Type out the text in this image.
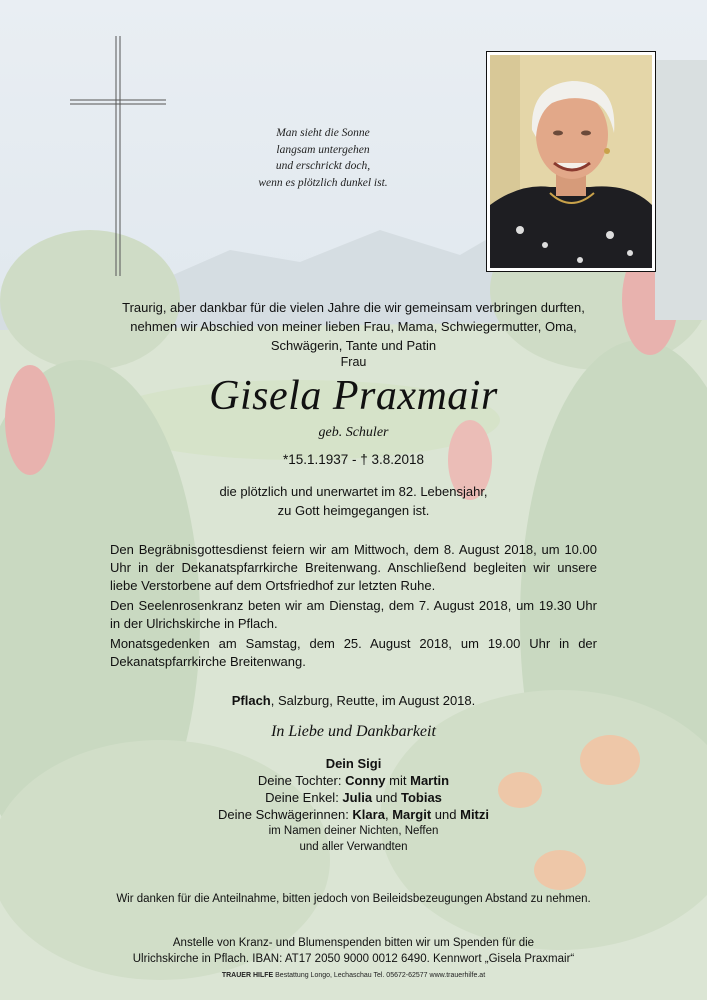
Man sieht die Sonne
langsam untergehen
und erschrickt doch,
wenn es plötzlich dunkel ist.
Traurig, aber dankbar für die vielen Jahre die wir gemeinsam verbringen durften,
nehmen wir Abschied von meiner lieben Frau, Mama, Schwiegermutter, Oma,
Schwägerin, Tante und Patin
Frau
Gisela Praxmair
geb. Schuler
*15.1.1937 - † 3.8.2018
die plötzlich und unerwartet im 82. Lebensjahr,
zu Gott heimgegangen ist.
Den Begräbnisgottesdienst feiern wir am Mittwoch, dem 8. August 2018, um 10.00 Uhr in der Dekanatspfarrkirche Breitenwang. Anschließend begleiten wir unsere liebe Verstorbene auf dem Ortsfriedhof zur letzten Ruhe.
Den Seelenrosenkranz beten wir am Dienstag, dem 7. August 2018, um 19.30 Uhr in der Ulrichskirche in Pflach.
Monatsgedenken am Samstag, dem 25. August 2018, um 19.00 Uhr in der Dekanatspfarrkirche Breitenwang.
Pflach, Salzburg, Reutte, im August 2018.
In Liebe und Dankbarkeit
Dein Sigi
Deine Tochter: Conny mit Martin
Deine Enkel: Julia und Tobias
Deine Schwägerinnen: Klara, Margit und Mitzi
im Namen deiner Nichten, Neffen
und aller Verwandten
Wir danken für die Anteilnahme, bitten jedoch von Beileidsbezeugungen Abstand zu nehmen.
Anstelle von Kranz- und Blumenspenden bitten wir um Spenden für die
Ulrichskirche in Pflach. IBAN: AT17 2050 9000 0012 6490. Kennwort „Gisela Praxmair“
TRAUER HILFE Bestattung Longo, Lechaschau Tel. 05672-62577 www.trauerhilfe.at
